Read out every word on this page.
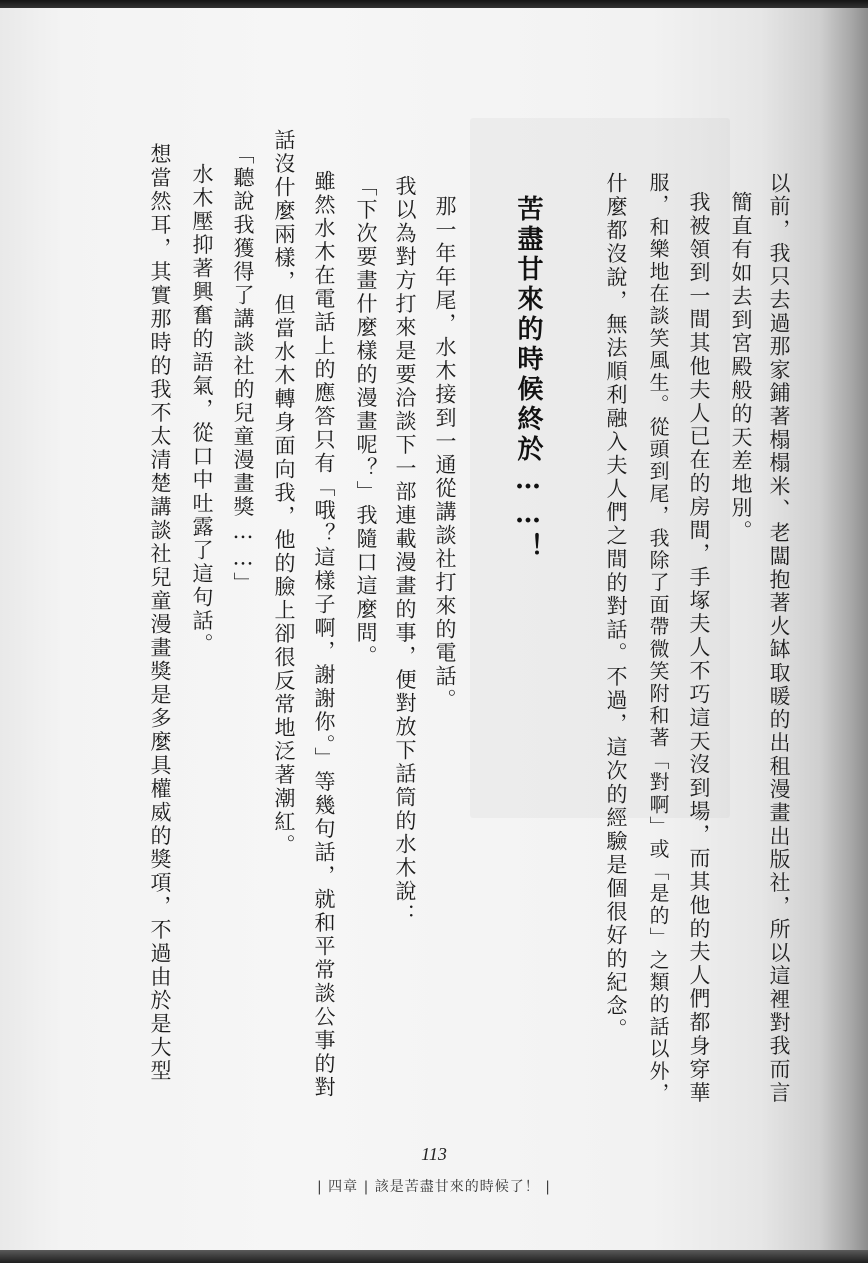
以前，我只去過那家鋪著榻榻米、老闆抱著火缽取暖的出租漫畫出版社，所以這裡對我而言
簡直有如去到宮殿般的天差地別。
什麼都沒說，無法順利融入夫人們之間的對話。不過，這次的經驗是個很好的紀念。 服，和樂地在談笑風生。從頭到尾，我除了面帶微笑附和著「對啊」或「是的」之類的話以外， 我被領到一間其他夫人已在的房間，手塚夫人不巧這天沒到場，而其他的夫人們都身穿華
苦盡甘來的時候終於……！
那一年年尾，水木接到一通從講談社打來的電話。
我以為對方打來是要洽談下一部連載漫畫的事，便對放下話筒的水木說：
「下次要畫什麼樣的漫畫呢？」我隨口這麼問。
雖然水木在電話上的應答只有「哦？這樣子啊，謝謝你。」等幾句話，就和平常談公事的對
話沒什麼兩樣，但當水木轉身面向我，他的臉上卻很反常地泛著潮紅。
「聽說我獲得了講談社的兒童漫畫獎……」
水木壓抑著興奮的語氣，從口中吐露了這句話。
想當然耳，其實那時的我不太清楚講談社兒童漫畫獎是多麼具權威的獎項，不過由於是大型
113
| 四章 | 該是苦盡甘來的時候了！ |
